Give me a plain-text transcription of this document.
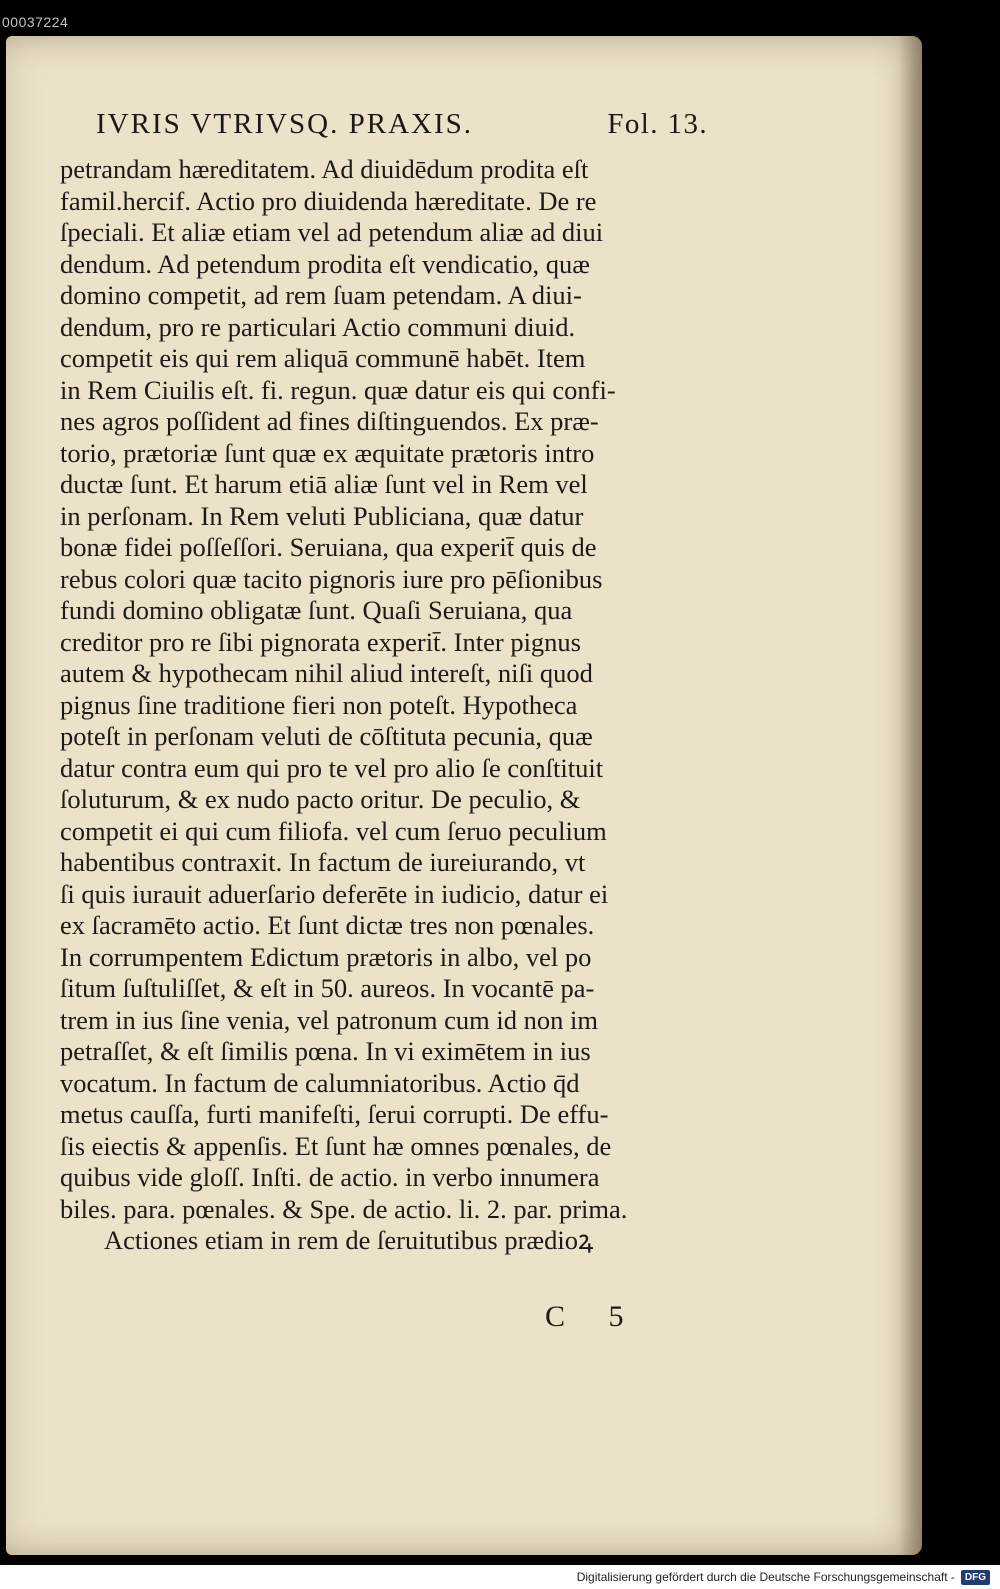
00037224
IVRIS VTRIVSQ. PRAXIS.	Fol. 13.
petrandam hæreditatem. Ad diuidēdum prodita eſt
famil.hercif. Actio pro diuidenda hæreditate. De re
ſpeciali. Et aliæ etiam vel ad petendum aliæ ad diui
dendum. Ad petendum prodita eſt vendicatio, quæ
domino competit, ad rem ſuam petendam. A diui-
dendum, pro re particulari Actio communi diuid.
competit eis qui rem aliquā communē habēt. Item
in Rem Ciuilis eſt. fi. regun. quæ datur eis qui confi-
nes agros poſſident ad fines diſtinguendos. Ex præ-
torio, prætoriæ ſunt quæ ex æquitate prætoris intro
ductæ ſunt. Et harum etiā aliæ ſunt vel in Rem vel
in perſonam. In Rem veluti Publiciana, quæ datur
bonæ fidei poſſeſſori. Seruiana, qua experit̄ quis de
rebus colori quæ tacito pignoris iure pro pēſionibus
fundi domino obligatæ ſunt. Quaſi Seruiana, qua
creditor pro re ſibi pignorata experit̄. Inter pignus
autem & hypothecam nihil aliud intereſt, niſi quod
pignus ſine traditione fieri non poteſt. Hypotheca
poteſt in perſonam veluti de cōſtituta pecunia, quæ
datur contra eum qui pro te vel pro alio ſe conſtituit
ſoluturum, & ex nudo pacto oritur. De peculio, &
competit ei qui cum filiofa. vel cum ſeruo peculium
habentibus contraxit. In factum de iureiurando, vt
ſi quis iurauit aduerſario deferēte in iudicio, datur ei
ex ſacramēto actio. Et ſunt dictæ tres non pœnales.
In corrumpentem Edictum prætoris in albo, vel po
ſitum ſuſtuliſſet, & eſt in 50. aureos. In vocantē pa-
trem in ius ſine venia, vel patronum cum id non im
petraſſet, & eſt ſimilis pœna. In vi eximētem in ius
vocatum. In factum de calumniatoribus. Actio q̄d
metus cauſſa, furti manifeſti, ſerui corrupti. De effu-
ſis eiectis & appenſis. Et ſunt hæ omnes pœnales, de
quibus vide gloſſ. Inſti. de actio. in verbo innumera
biles. para. pœnales. & Spe. de actio. li. 2. par. prima.
Actiones etiam in rem de ſeruitutibus prædioꝝ
C 5
Digitalisierung gefördert durch die Deutsche Forschungsgemeinschaft -	DFG
